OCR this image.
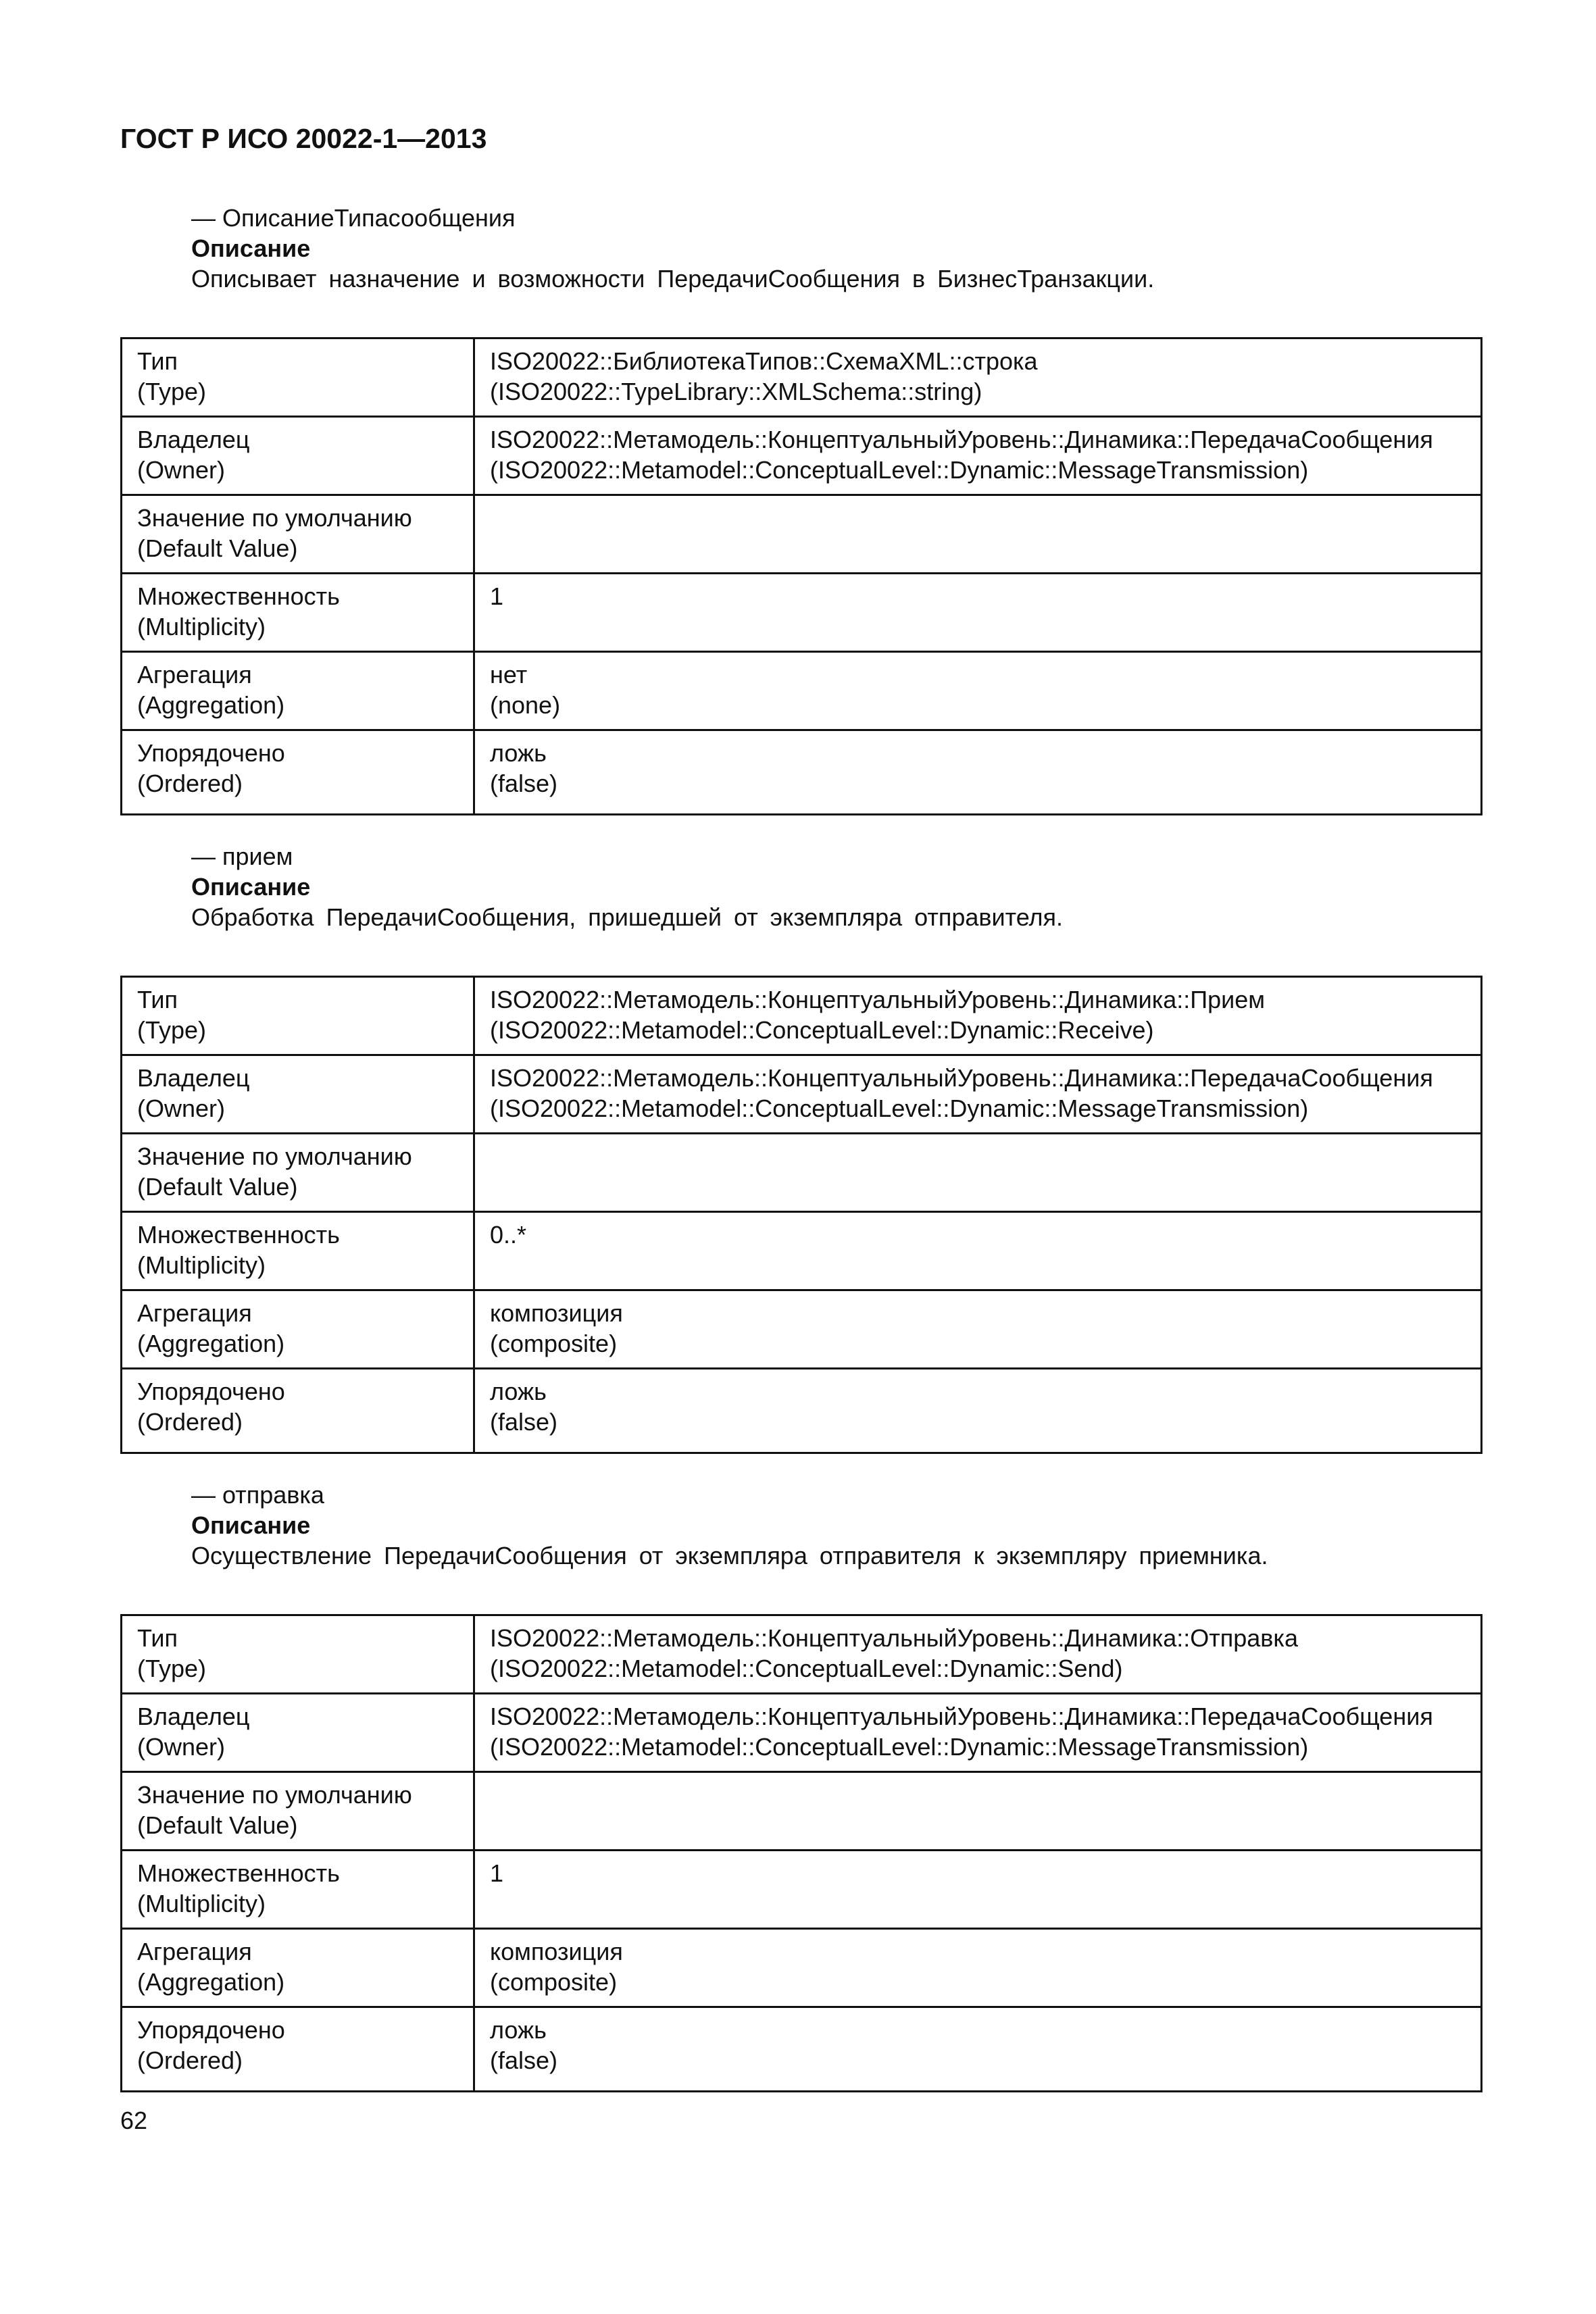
ГОСТ Р ИСО 20022-1—2013
— ОписаниеТипасообщения
Описание
Описывает назначение и возможности ПередачиСообщения в БизнесТранзакции.
Тип
(Type)	ISO20022::БиблиотекаТипов::СхемаXML::строка
(ISO20022::TypeLibrary::XMLSchema::string)

Владелец
(Owner)	ISO20022::Метамодель::КонцептуальныйУровень::Динамика::ПередачаСообщения
(ISO20022::Metamodel::ConceptualLevel::Dynamic::MessageTransmission)

Значение по умолчанию
(Default Value)	

Множественность
(Multiplicity)	1

Агрегация
(Aggregation)	нет
(none)

Упорядочено
(Ordered)	ложь
(false)
— прием
Описание
Обработка ПередачиСообщения, пришедшей от экземпляра отправителя.
Тип
(Type)	ISO20022::Метамодель::КонцептуальныйУровень::Динамика::Прием
(ISO20022::Metamodel::ConceptualLevel::Dynamic::Receive)

Владелец
(Owner)	ISO20022::Метамодель::КонцептуальныйУровень::Динамика::ПередачаСообщения
(ISO20022::Metamodel::ConceptualLevel::Dynamic::MessageTransmission)

Значение по умолчанию
(Default Value)	

Множественность
(Multiplicity)	0..*

Агрегация
(Aggregation)	композиция
(composite)

Упорядочено
(Ordered)	ложь
(false)
— отправка
Описание
Осуществление ПередачиСообщения от экземпляра отправителя к экземпляру приемника.
Тип
(Type)	ISO20022::Метамодель::КонцептуальныйУровень::Динамика::Отправка
(ISO20022::Metamodel::ConceptualLevel::Dynamic::Send)

Владелец
(Owner)	ISO20022::Метамодель::КонцептуальныйУровень::Динамика::ПередачаСообщения
(ISO20022::Metamodel::ConceptualLevel::Dynamic::MessageTransmission)

Значение по умолчанию
(Default Value)	

Множественность
(Multiplicity)	1

Агрегация
(Aggregation)	композиция
(composite)

Упорядочено
(Ordered)	ложь
(false)
62
